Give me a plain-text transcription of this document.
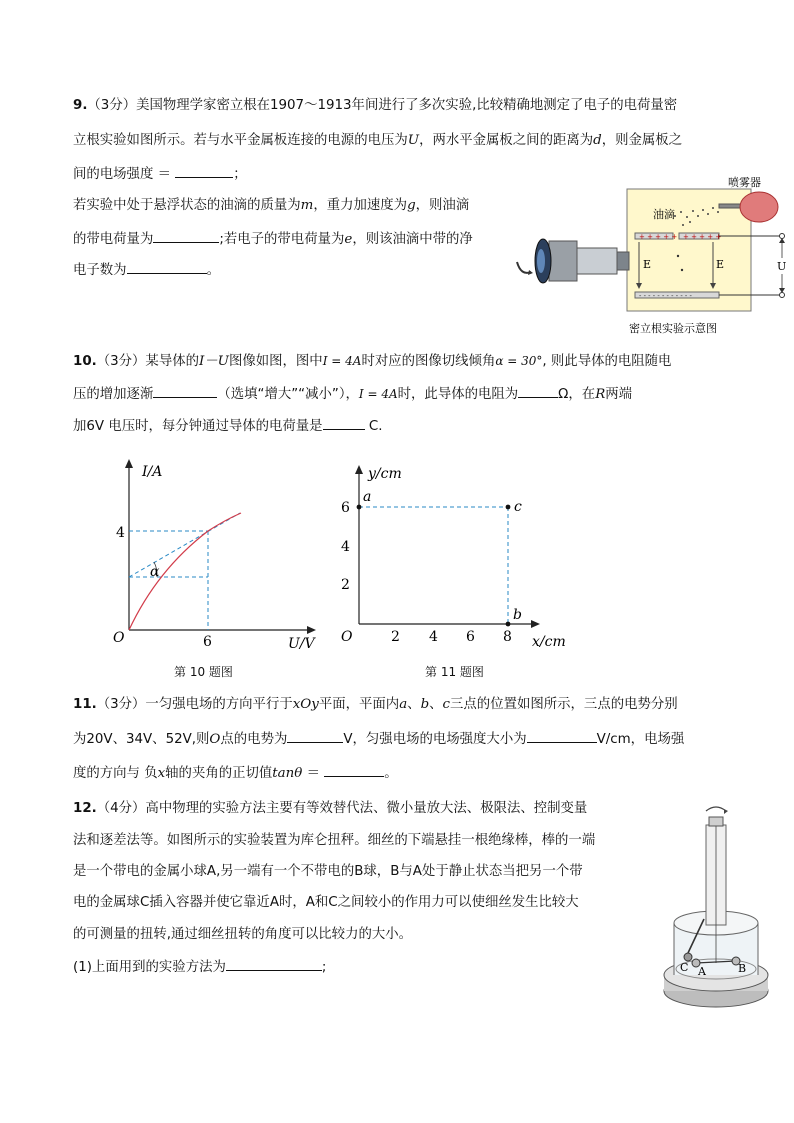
9.（3分）美国物理学家密立根在1907～1913年间进行了多次实验,比较精确地测定了电子的电荷量密
立根实验如图所示。若与水平金属板连接的电源的电压为U，两水平金属板之间的距离为d，则金属板之
间的电场强度 ＝	；
若实验中处于悬浮状态的油滴的质量为m，重力加速度为g，则油滴
的带电荷量为	;若电子的带电荷量为e，则该油滴中带的净
电子数为	。
+ + + + + + + + + +
- - - - - - - - - - - -
E	E
油滴
喷雾器
U
密立根实验示意图
10.（3分）某导体的I－U图像如图，图中I = 4A时对应的图像切线倾角α = 30°, 则此导体的电阻随电
压的增加逐渐	（选填“增大”“减小”），I = 4A时，此导体的电阻为	Ω，在R两端
加6V 电压时，每分钟通过导体的电荷量是	C.
I/A
U/V
O
4
6
α
第 10 题图
y/cm
x/cm
O
6
4
2
2 4 6 8
a
c
b
第 11 题图
11.（3分）一匀强电场的方向平行于xOy平面，平面内a、b、c三点的位置如图所示，三点的电势分别
为20V、34V、52V,则O点的电势为	V，匀强电场的电场强度大小为	V/cm，电场强
度的方向与 负x轴的夹角的正切值tanθ ＝	。
12.（4分）高中物理的实验方法主要有等效替代法、微小量放大法、极限法、控制变量
法和逐差法等。如图所示的实验装置为库仑扭秤。细丝的下端悬挂一根绝缘棒，棒的一端
是一个带电的金属小球A,另一端有一个不带电的B球，B与A处于静止状态当把另一个带
电的金属球C插入容器并使它靠近A时，A和C之间较小的作用力可以使细丝发生比较大
的可测量的扭转,通过细丝扭转的角度可以比较力的大小。
(1)上面用到的实验方法为	;	C A	B
